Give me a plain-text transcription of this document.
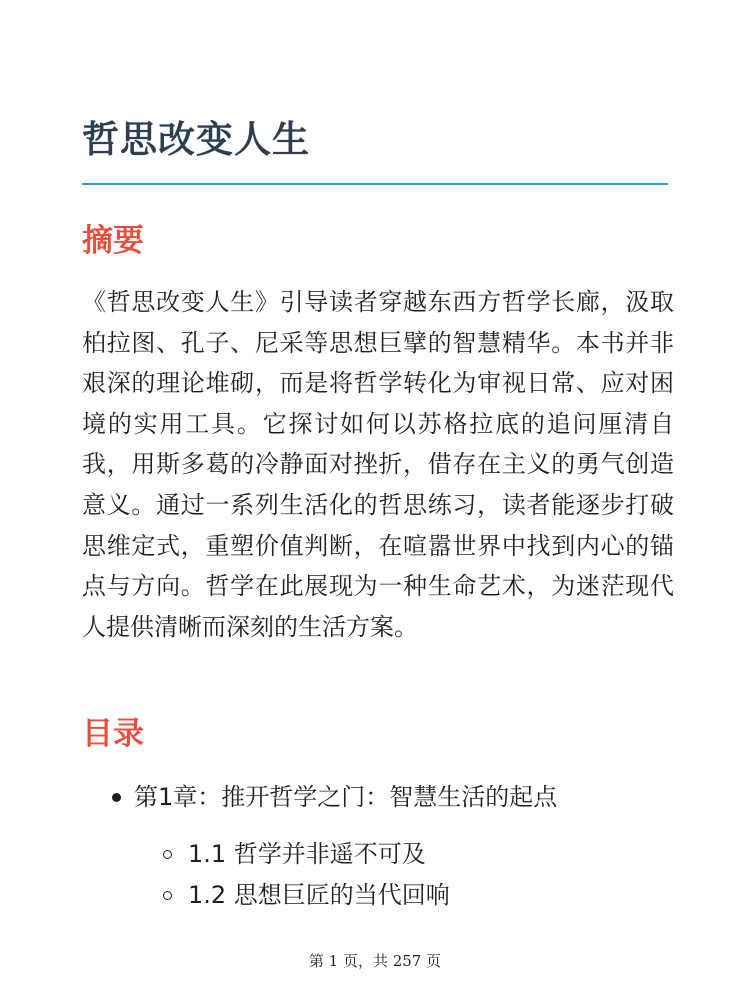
哲思改变人生
摘要

《哲思改变人生》引导读者穿越东西方哲学长廊，汲取柏拉图、孔子、尼采等思想巨擘的智慧精华。本书并非艰深的理论堆砌，而是将哲学转化为审视日常、应对困境的实用工具。它探讨如何以苏格拉底的追问厘清自我，用斯多葛的冷静面对挫折，借存在主义的勇气创造意义。通过一系列生活化的哲思练习，读者能逐步打破思维定式，重塑价值判断，在喧嚣世界中找到内心的锚点与方向。哲学在此展现为一种生命艺术，为迷茫现代人提供清晰而深刻的生活方案。

目录
第1章：推开哲学之门：智慧生活的起点
1.1 哲学并非遥不可及
1.2 思想巨匠的当代回响
第 1 页，共 257 页
